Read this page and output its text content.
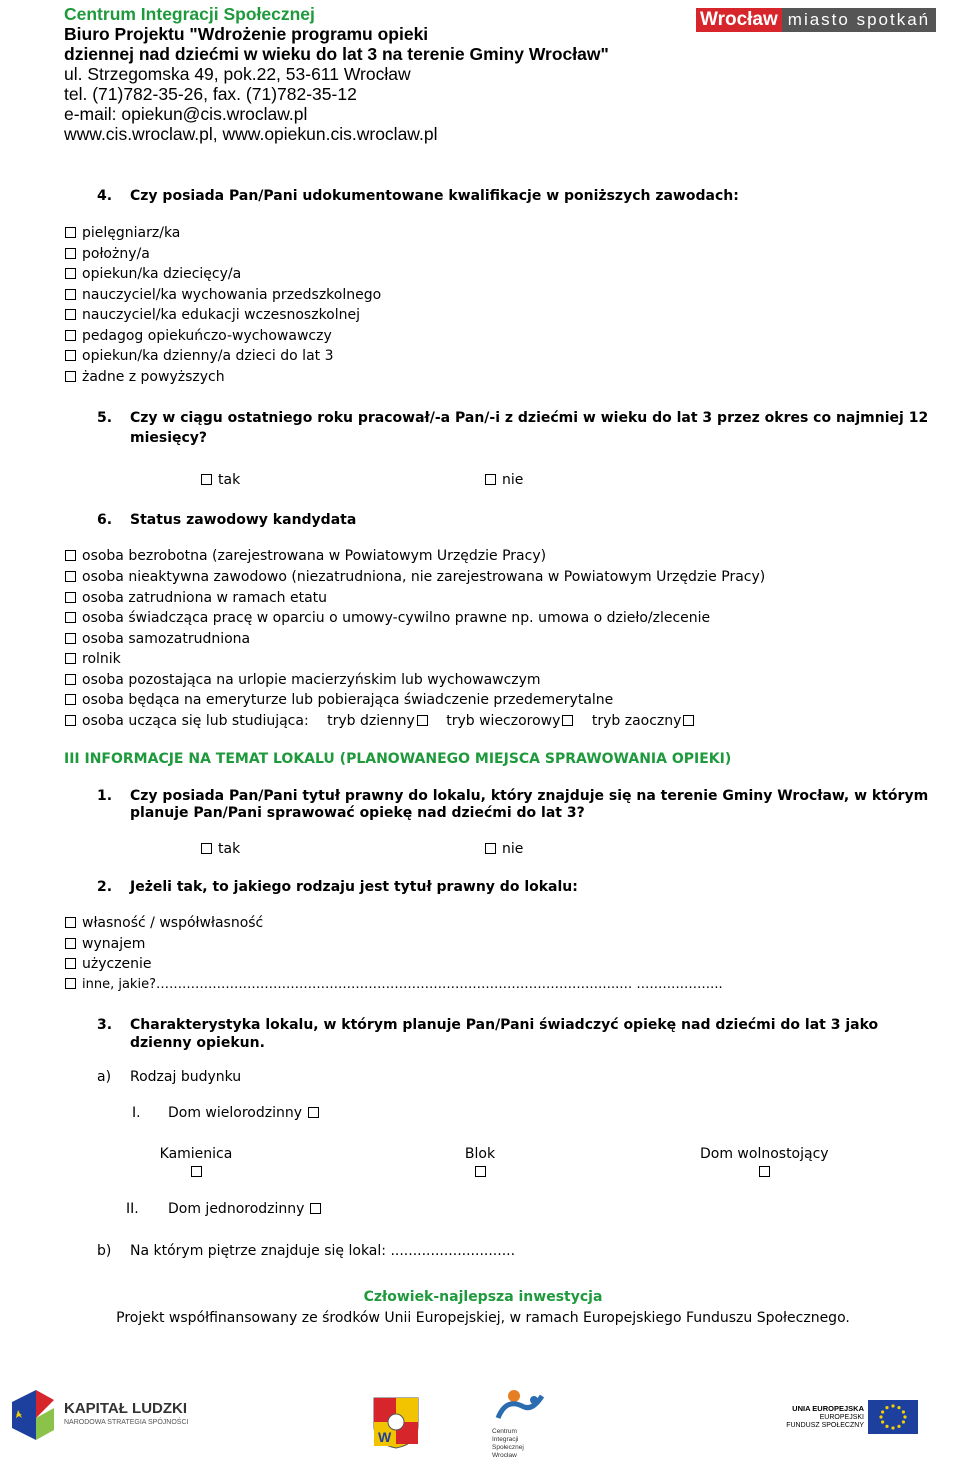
Centrum Integracji Społecznej
Biuro Projektu "Wdrożenie programu opieki
dziennej nad dziećmi w wieku do lat 3 na terenie Gminy Wrocław"
ul. Strzegomska 49, pok.22, 53-611 Wrocław
tel. (71)782-35-26, fax. (71)782-35-12
e-mail: opiekun@cis.wroclaw.pl
www.cis.wroclaw.pl, www.opiekun.cis.wroclaw.pl
Wrocław miasto spotkań
4. Czy posiada Pan/Pani udokumentowane kwalifikacje w poniższych zawodach:
pielęgniarz/ka
położny/a
opiekun/ka dziecięcy/a
nauczyciel/ka wychowania przedszkolnego
nauczyciel/ka edukacji wczesnoszkolnej
pedagog opiekuńczo-wychowawczy
opiekun/ka dzienny/a dzieci do lat 3
żadne z powyższych
5. Czy w ciągu ostatniego roku pracował/-a Pan/-i z dziećmi w wieku do lat 3 przez okres co najmniej 12
miesięcy?
tak	nie
6. Status zawodowy kandydata
osoba bezrobotna (zarejestrowana w Powiatowym Urzędzie Pracy)
osoba nieaktywna zawodowo (niezatrudniona, nie zarejestrowana w Powiatowym Urzędzie Pracy)
osoba zatrudniona w ramach etatu
osoba świadcząca pracę w oparciu o umowy-cywilno prawne np. umowa o dzieło/zlecenie
osoba samozatrudniona
rolnik
osoba pozostająca na urlopie macierzyńskim lub wychowawczym
osoba będąca na emeryturze lub pobierająca świadczenie przedemerytalne
osoba ucząca się lub studiująca: tryb dzienny tryb wieczorowy tryb zaoczny
III INFORMACJE NA TEMAT LOKALU (PLANOWANEGO MIEJSCA SPRAWOWANIA OPIEKI)
1. Czy posiada Pan/Pani tytuł prawny do lokalu, który znajduje się na terenie Gminy Wrocław, w którym
planuje Pan/Pani sprawować opiekę nad dziećmi do lat 3?
tak	nie
2. Jeżeli tak, to jakiego rodzaju jest tytuł prawny do lokalu:
własność / współwłasność
wynajem
użyczenie
inne, jakie?……………………………………………………………………………………………..… ………………..
3. Charakterystyka lokalu, w którym planuje Pan/Pani świadczyć opiekę nad dziećmi do lat 3 jako
dzienny opiekun.
a) Rodzaj budynku
I. Dom wielorodzinny
Kamienica	Blok	Dom wolnostojący
II. Dom jednorodzinny
b) Na którym piętrze znajduje się lokal: ............................
Człowiek-najlepsza inwestycja
Projekt współfinansowany ze środków Unii Europejskiej, w ramach Europejskiego Funduszu Społecznego.
KAPITAŁ LUDZKI
NARODOWA STRATEGIA SPÓJNOŚCI
W	Centrum
Integracji
Społecznej
Wrocław
UNIA EUROPEJSKA
EUROPEJSKI
FUNDUSZ SPOŁECZNY
